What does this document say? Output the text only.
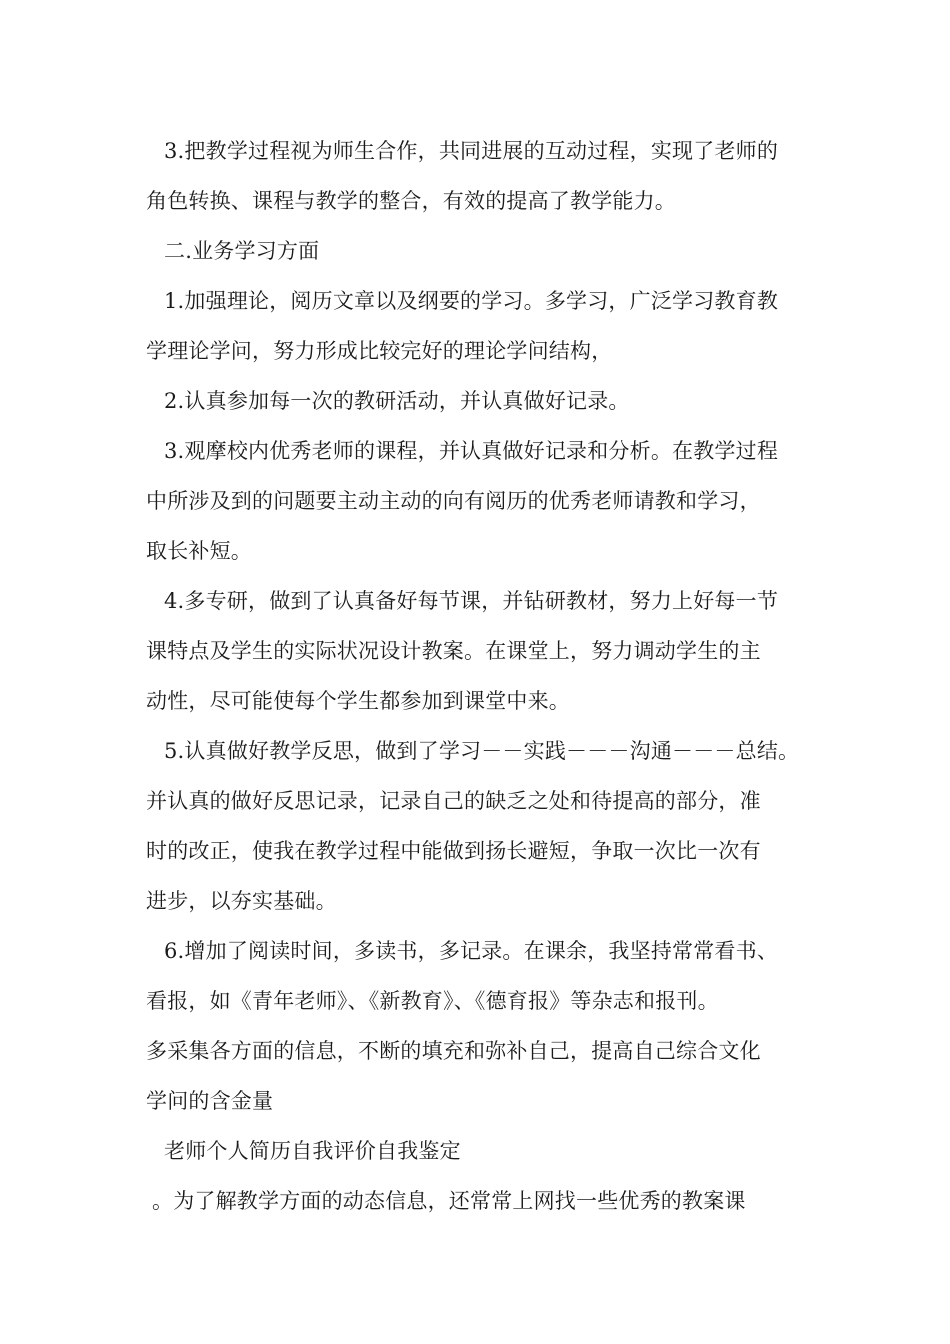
3.把教学过程视为师生合作，共同进展的互动过程，实现了老师的
角色转换、课程与教学的整合，有效的提高了教学能力。
二.业务学习方面
1.加强理论，阅历文章以及纲要的学习。多学习，广泛学习教育教
学理论学问，努力形成比较完好的理论学问结构，
2.认真参加每一次的教研活动，并认真做好记录。
3.观摩校内优秀老师的课程，并认真做好记录和分析。在教学过程
中所涉及到的问题要主动主动的向有阅历的优秀老师请教和学习，
取长补短。
4.多专研，做到了认真备好每节课，并钻研教材，努力上好每一节
课特点及学生的实际状况设计教案。在课堂上，努力调动学生的主
动性，尽可能使每个学生都参加到课堂中来。
5.认真做好教学反思，做到了学习－－实践－－－沟通－－－总结。
并认真的做好反思记录，记录自己的缺乏之处和待提高的部分，准
时的改正，使我在教学过程中能做到扬长避短，争取一次比一次有
进步，以夯实基础。
6.增加了阅读时间，多读书，多记录。在课余，我坚持常常看书、
看报，如《青年老师》、《新教育》、《德育报》等杂志和报刊。
多采集各方面的信息，不断的填充和弥补自己，提高自己综合文化
学问的含金量
老师个人简历自我评价自我鉴定
。为了解教学方面的动态信息，还常常上网找一些优秀的教案课
